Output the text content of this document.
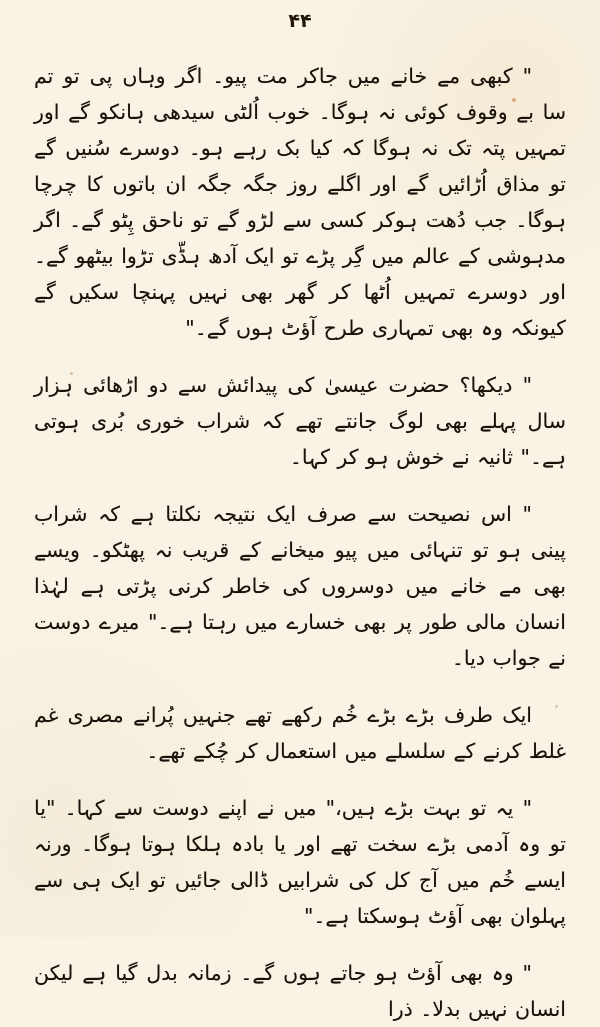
۴۴

" کبھی مے خانے میں جاکر مت پیو۔ اگر وہاں پی تو تم سا بے وقوف کوئی نہ ہوگا۔ خوب اُلٹی سیدھی ہانکو گے اور تمہیں پتہ تک نہ ہوگا کہ کیا بک رہے ہو۔ دوسرے سُنیں گے تو مذاق اُڑائیں گے اور اگلے روز جگہ جگہ ان باتوں کا چرچا ہوگا۔ جب دُھت ہوکر کسی سے لڑو گے تو ناحق پِٹو گے۔ اگر مدہوشی کے عالم میں گِر پڑے تو ایک آدھ ہڈّی تڑوا بیٹھو گے۔ اور دوسرے تمہیں اُٹھا کر گھر بھی نہیں پہنچا سکیں گے کیونکہ وہ بھی تمہاری طرح آؤٹ ہوں گے۔"

" دیکھا؟ حضرت عیسیٰ کی پیدائش سے دو اڑھائی ہزار سال پہلے بھی لوگ جانتے تھے کہ شراب خوری بُری ہوتی ہے۔" ثانیہ نے خوش ہو کر کہا۔

" اس نصیحت سے صرف ایک نتیجہ نکلتا ہے کہ شراب پینی ہو تو تنہائی میں پیو میخانے کے قریب نہ پھٹکو۔ ویسے بھی مے خانے میں دوسروں کی خاطر کرنی پڑتی ہے لہٰذا انسان مالی طور پر بھی خسارے میں رہتا ہے۔" میرے دوست نے جواب دیا۔

ایک طرف بڑے بڑے خُم رکھے تھے جنہیں پُرانے مصری غم غلط کرنے کے سلسلے میں استعمال کر چُکے تھے۔

" یہ تو بہت بڑے ہیں،" میں نے اپنے دوست سے کہا۔ "یا تو وہ آدمی بڑے سخت تھے اور یا بادہ ہلکا ہوتا ہوگا۔ ورنہ ایسے خُم میں آج کل کی شرابیں ڈالی جائیں تو ایک ہی سے پہلوان بھی آؤٹ ہوسکتا ہے۔"

" وہ بھی آؤٹ ہو جاتے ہوں گے۔ زمانہ بدل گیا ہے لیکن انسان نہیں بدلا۔ ذرا
